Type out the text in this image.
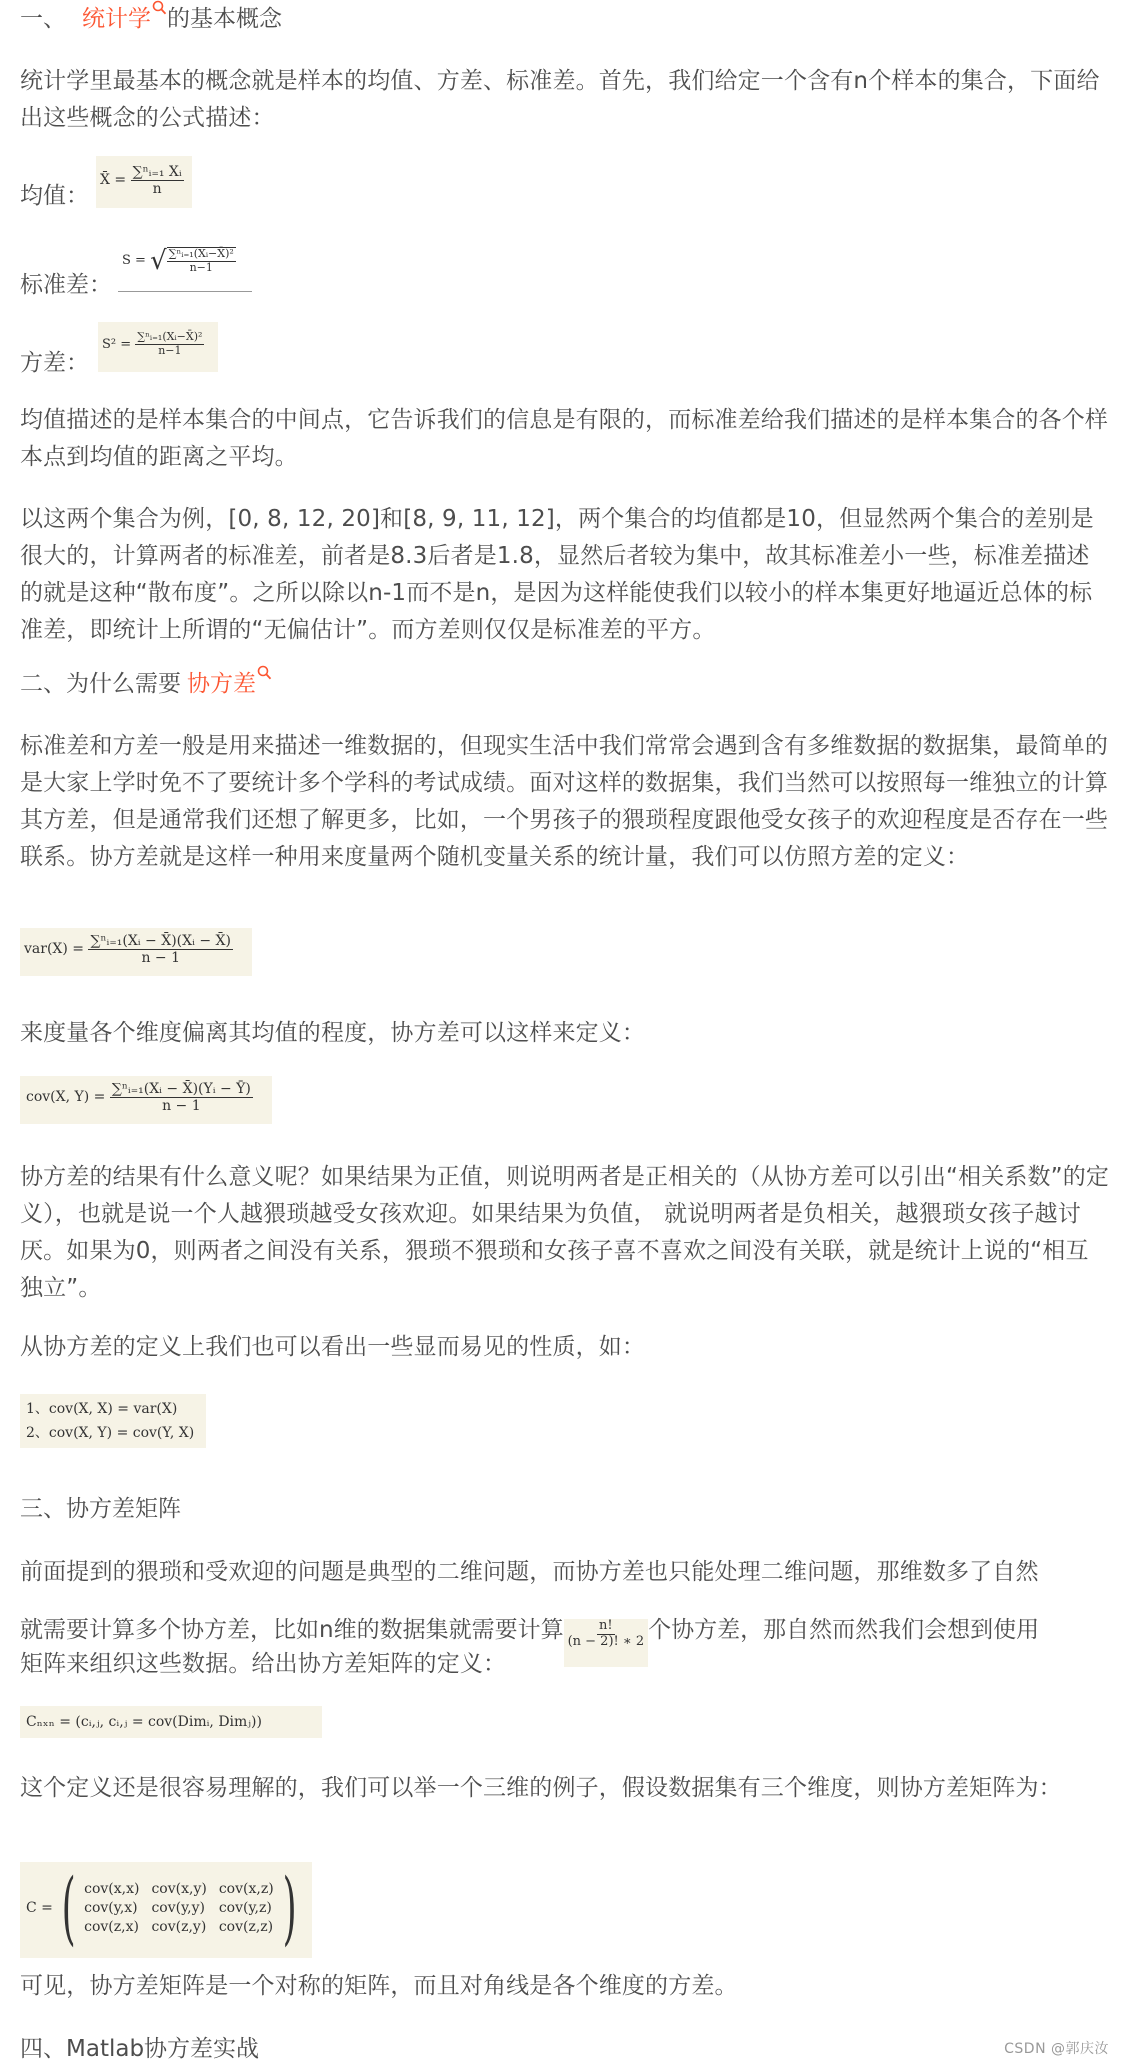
一、 统计学 的基本概念
统计学里最基本的概念就是样本的均值、方差、标准差。首先，我们给定一个含有n个样本的集合，下面给出这些概念的公式描述：
均值：
X̄ =
$\frac{\text{∑ⁿᵢ₌₁ Xᵢ}}{n}$
标准差：
S =
√ $\frac{\text{∑ⁿᵢ₌₁(Xᵢ−X̄)²}}{n-1}$
方差：
S² =
$\frac{\text{∑ⁿᵢ₌₁(Xᵢ−X̄)²}}{n-1}$
均值描述的是样本集合的中间点，它告诉我们的信息是有限的，而标准差给我们描述的是样本集合的各个样本点到均值的距离之平均。
以这两个集合为例，[0, 8, 12, 20]和[8, 9, 11, 12]，两个集合的均值都是10，但显然两个集合的差别是很大的，计算两者的标准差，前者是8.3后者是1.8，显然后者较为集中，故其标准差小一些，标准差描述的就是这种“散布度”。之所以除以n-1而不是n，是因为这样能使我们以较小的样本集更好地逼近总体的标准差，即统计上所谓的“无偏估计”。而方差则仅仅是标准差的平方。
二、为什么需要 协方差
标准差和方差一般是用来描述一维数据的，但现实生活中我们常常会遇到含有多维数据的数据集，最简单的是大家上学时免不了要统计多个学科的考试成绩。面对这样的数据集，我们当然可以按照每一维独立的计算其方差，但是通常我们还想了解更多，比如，一个男孩子的猥琐程度跟他受女孩子的欢迎程度是否存在一些联系。协方差就是这样一种用来度量两个随机变量关系的统计量，我们可以仿照方差的定义：
var(X) =
$\frac{\text{∑ⁿᵢ₌₁(Xᵢ − X̄)(Xᵢ − X̄)}}{n - 1}$
来度量各个维度偏离其均值的程度，协方差可以这样来定义：
cov(X, Y) =
$\frac{\text{∑ⁿᵢ₌₁(Xᵢ − X̄)(Yᵢ − Ȳ)}}{n - 1}$
协方差的结果有什么意义呢？如果结果为正值，则说明两者是正相关的（从协方差可以引出“相关系数”的定义），也就是说一个人越猥琐越受女孩欢迎。如果结果为负值， 就说明两者是负相关，越猥琐女孩子越讨厌。如果为0，则两者之间没有关系，猥琐不猥琐和女孩子喜不喜欢之间没有关联，就是统计上说的“相互独立”。
从协方差的定义上我们也可以看出一些显而易见的性质，如：
1、cov(X, X) = var(X)
2、cov(X, Y) = cov(Y, X)
三、协方差矩阵
前面提到的猥琐和受欢迎的问题是典型的二维问题，而协方差也只能处理二维问题，那维数多了自然
就需要计算多个协方差，比如n维的数据集就需要计算 $\frac{n!}{(n - 2)! ∗ 2}$ 个协方差，那自然而然我们会想到使用
矩阵来组织这些数据。给出协方差矩阵的定义：
Cₙₓₙ = (cᵢ,ⱼ, cᵢ,ⱼ = cov(Dimᵢ, Dimⱼ))
这个定义还是很容易理解的，我们可以举一个三维的例子，假设数据集有三个维度，则协方差矩阵为：
C = ( cov(x,x) cov(x,y) cov(x,z)
cov(y,x) cov(y,y) cov(y,z)
cov(z,x) cov(z,y) cov(z,z) )
可见，协方差矩阵是一个对称的矩阵，而且对角线是各个维度的方差。
四、Matlab协方差实战	CSDN @郭庆汝
